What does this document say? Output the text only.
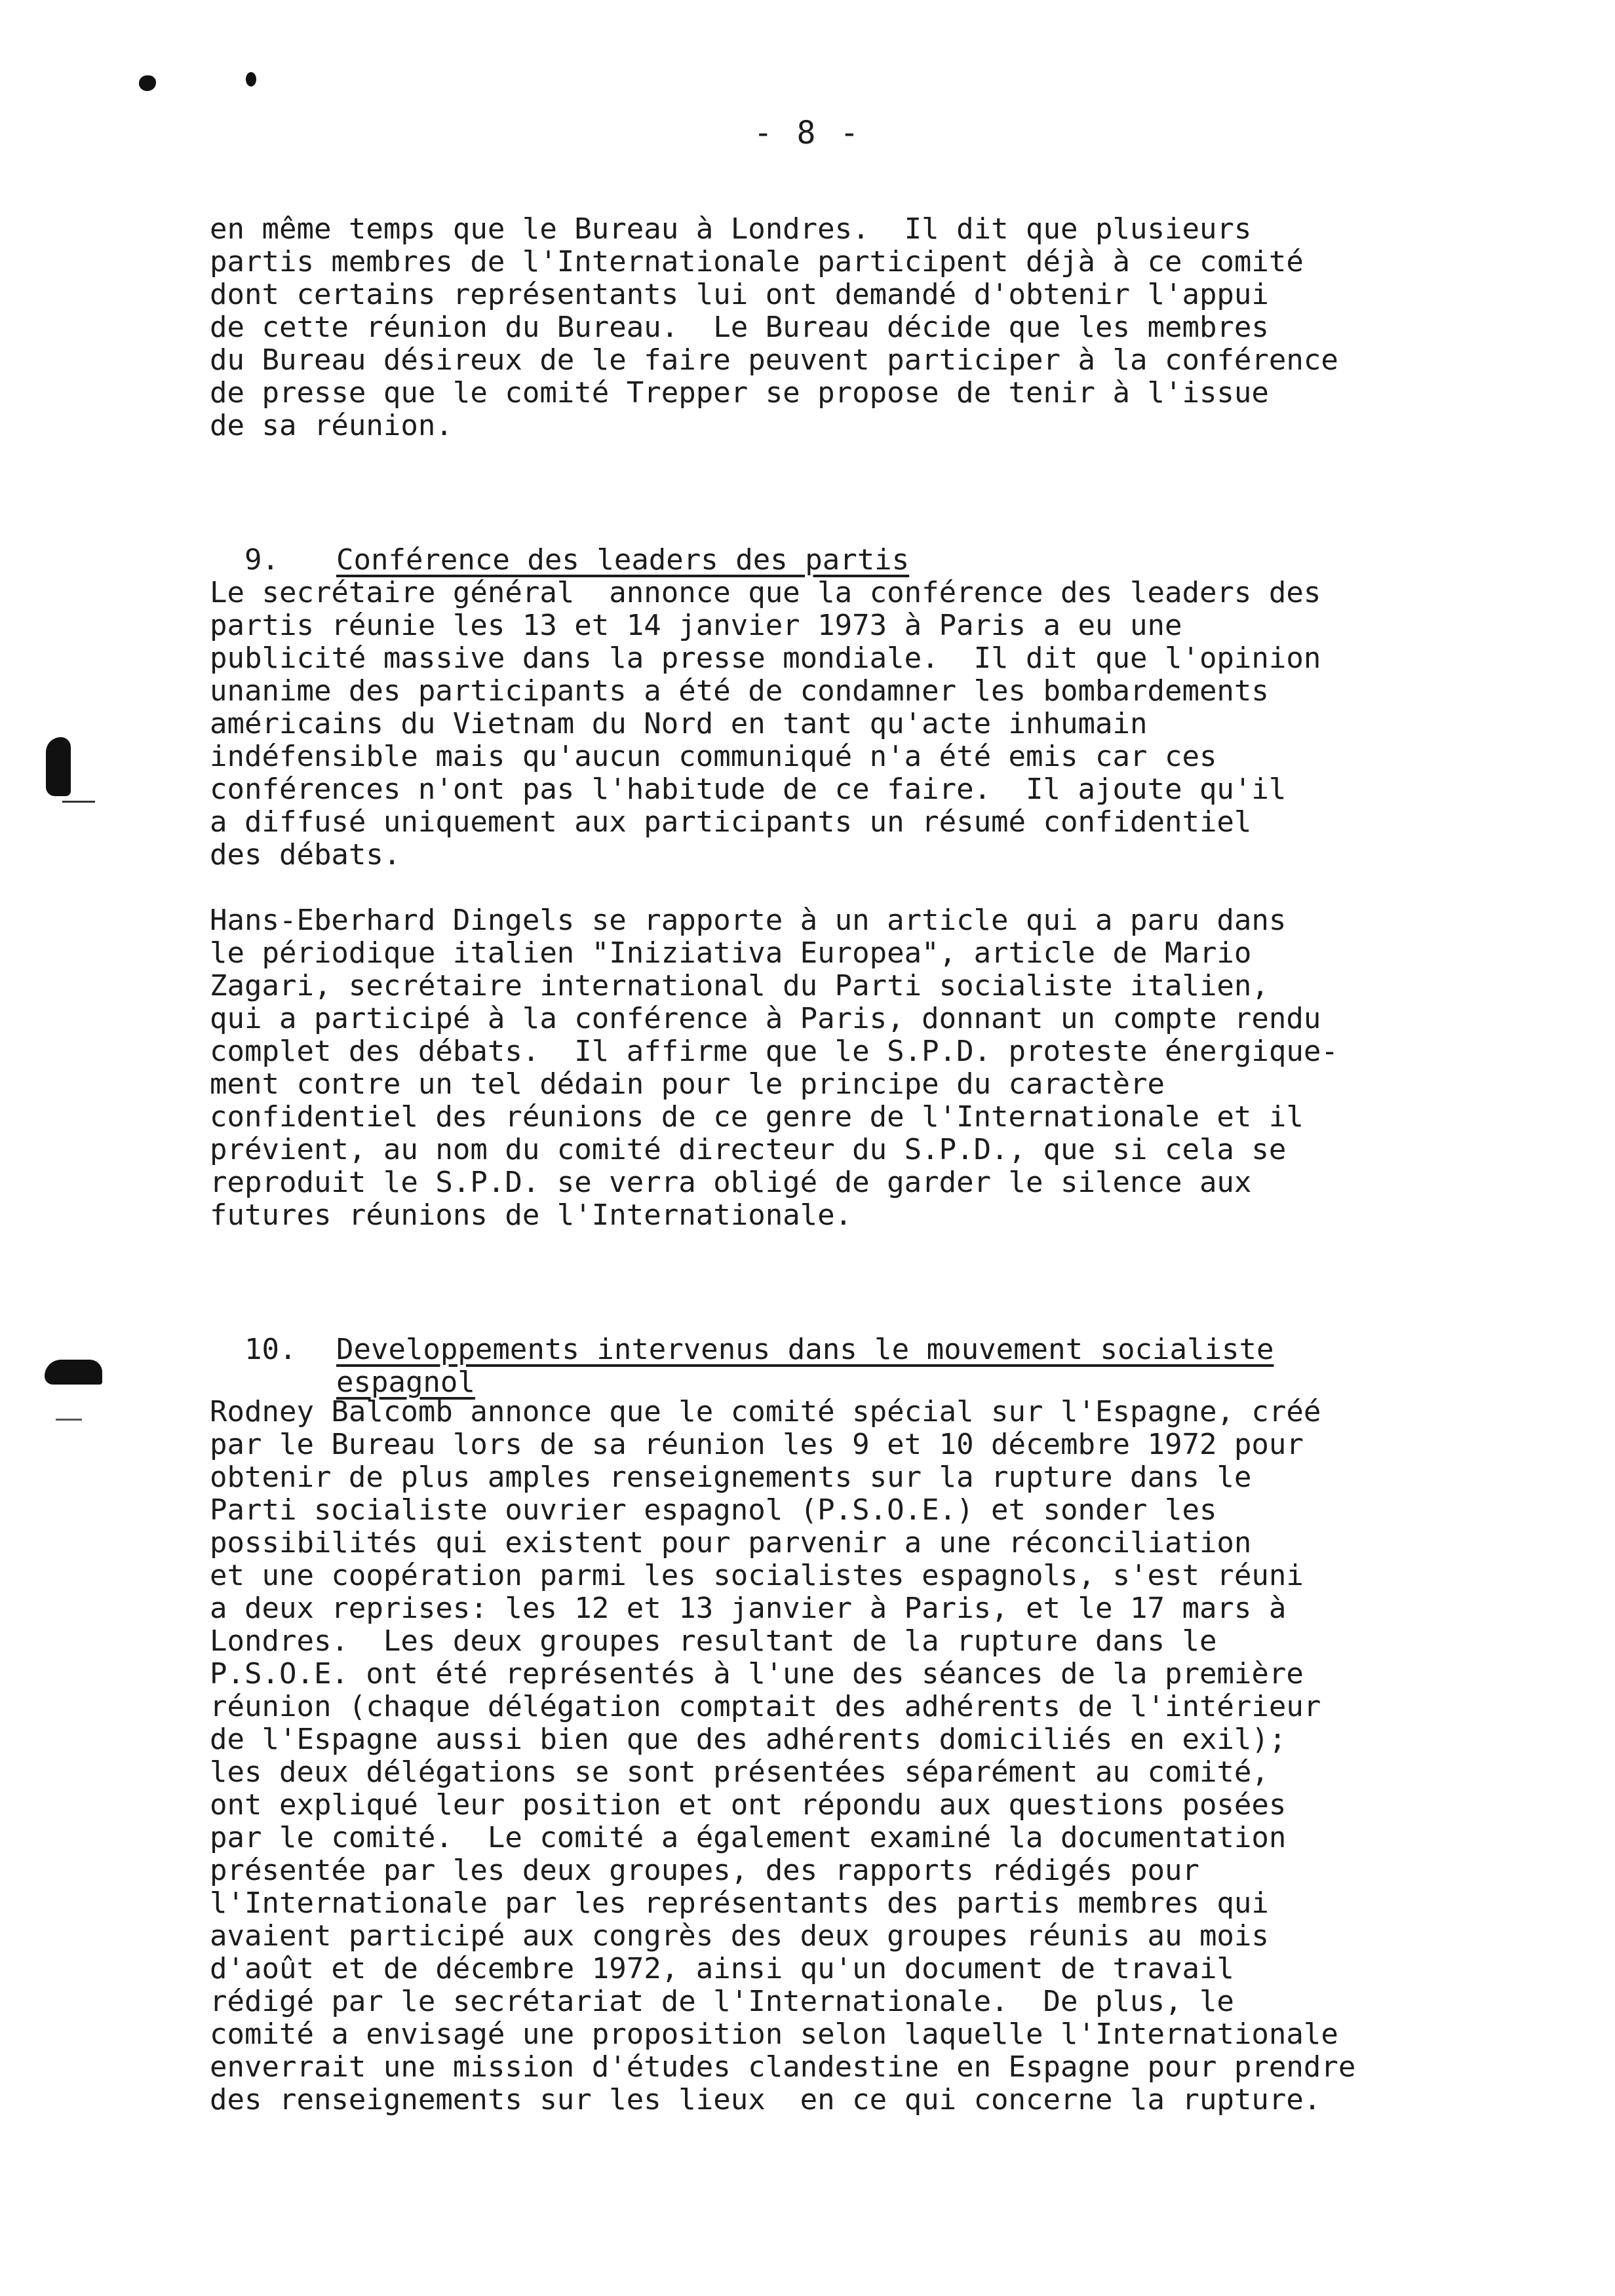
- 8 -

en même temps que le Bureau à Londres.  Il dit que plusieurs
partis membres de l'Internationale participent déjà à ce comité
dont certains représentants lui ont demandé d'obtenir l'appui
de cette réunion du Bureau.  Le Bureau décide que les membres
du Bureau désireux de le faire peuvent participer à la conférence
de presse que le comité Trepper se propose de tenir à l'issue
de sa réunion.

9. Conférence des leaders des partis

Le secrétaire général  annonce que la conférence des leaders des
partis réunie les 13 et 14 janvier 1973 à Paris a eu une
publicité massive dans la presse mondiale.  Il dit que l'opinion
unanime des participants a été de condamner les bombardements
américains du Vietnam du Nord en tant qu'acte inhumain
indéfensible mais qu'aucun communiqué n'a été emis car ces
conférences n'ont pas l'habitude de ce faire.  Il ajoute qu'il
a diffusé uniquement aux participants un résumé confidentiel
des débats.

Hans-Eberhard Dingels se rapporte à un article qui a paru dans
le périodique italien "Iniziativa Europea", article de Mario
Zagari, secrétaire international du Parti socialiste italien,
qui a participé à la conférence à Paris, donnant un compte rendu
complet des débats.  Il affirme que le S.P.D. proteste énergique-
ment contre un tel dédain pour le principe du caractère
confidentiel des réunions de ce genre de l'Internationale et il
prévient, au nom du comité directeur du S.P.D., que si cela se
reproduit le S.P.D. se verra obligé de garder le silence aux
futures réunions de l'Internationale.

10. Developpements intervenus dans le mouvement socialiste
espagnol

Rodney Balcomb annonce que le comité spécial sur l'Espagne, créé
par le Bureau lors de sa réunion les 9 et 10 décembre 1972 pour
obtenir de plus amples renseignements sur la rupture dans le
Parti socialiste ouvrier espagnol (P.S.O.E.) et sonder les
possibilités qui existent pour parvenir a une réconciliation
et une coopération parmi les socialistes espagnols, s'est réuni
a deux reprises: les 12 et 13 janvier à Paris, et le 17 mars à
Londres.  Les deux groupes resultant de la rupture dans le
P.S.O.E. ont été représentés à l'une des séances de la première
réunion (chaque délégation comptait des adhérents de l'intérieur
de l'Espagne aussi bien que des adhérents domiciliés en exil);
les deux délégations se sont présentées séparément au comité,
ont expliqué leur position et ont répondu aux questions posées
par le comité.  Le comité a également examiné la documentation
présentée par les deux groupes, des rapports rédigés pour
l'Internationale par les représentants des partis membres qui
avaient participé aux congrès des deux groupes réunis au mois
d'août et de décembre 1972, ainsi qu'un document de travail
rédigé par le secrétariat de l'Internationale.  De plus, le
comité a envisagé une proposition selon laquelle l'Internationale
enverrait une mission d'études clandestine en Espagne pour prendre
des renseignements sur les lieux  en ce qui concerne la rupture.
